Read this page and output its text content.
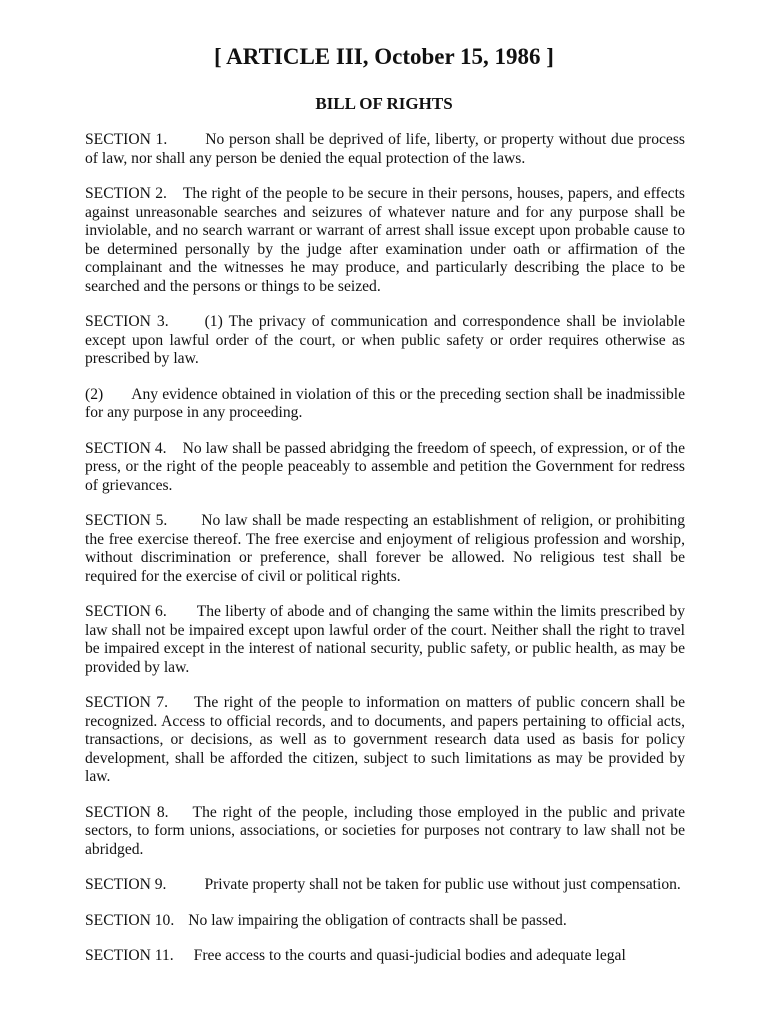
[ ARTICLE III, October 15, 1986 ]
BILL OF RIGHTS

SECTION 1. No person shall be deprived of life, liberty, or property without due process of law, nor shall any person be denied the equal protection of the laws.

SECTION 2. The right of the people to be secure in their persons, houses, papers, and effects against unreasonable searches and seizures of whatever nature and for any purpose shall be inviolable, and no search warrant or warrant of arrest shall issue except upon probable cause to be determined personally by the judge after examination under oath or affirmation of the complainant and the witnesses he may produce, and particularly describing the place to be searched and the persons or things to be seized.

SECTION 3. (1) The privacy of communication and correspondence shall be inviolable except upon lawful order of the court, or when public safety or order requires otherwise as prescribed by law.

(2) Any evidence obtained in violation of this or the preceding section shall be inadmissible for any purpose in any proceeding.

SECTION 4. No law shall be passed abridging the freedom of speech, of expression, or of the press, or the right of the people peaceably to assemble and petition the Government for redress of grievances.

SECTION 5. No law shall be made respecting an establishment of religion, or prohibiting the free exercise thereof. The free exercise and enjoyment of religious profession and worship, without discrimination or preference, shall forever be allowed. No religious test shall be required for the exercise of civil or political rights.

SECTION 6. The liberty of abode and of changing the same within the limits prescribed by law shall not be impaired except upon lawful order of the court. Neither shall the right to travel be impaired except in the interest of national security, public safety, or public health, as may be provided by law.

SECTION 7. The right of the people to information on matters of public concern shall be recognized. Access to official records, and to documents, and papers pertaining to official acts, transactions, or decisions, as well as to government research data used as basis for policy development, shall be afforded the citizen, subject to such limitations as may be provided by law.

SECTION 8. The right of the people, including those employed in the public and private sectors, to form unions, associations, or societies for purposes not contrary to law shall not be abridged.

SECTION 9. Private property shall not be taken for public use without just compensation.

SECTION 10. No law impairing the obligation of contracts shall be passed.

SECTION 11. Free access to the courts and quasi-judicial bodies and adequate legal
